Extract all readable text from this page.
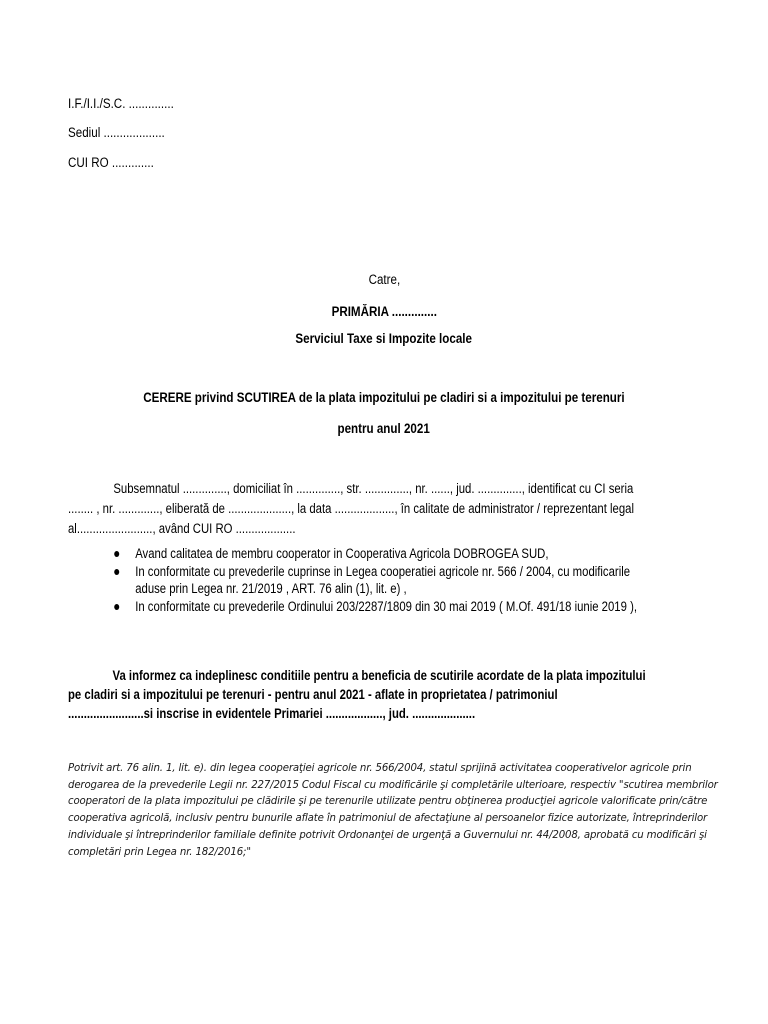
I.F./I.I./S.C. ..............
Sediul ...................
CUI RO .............
Catre,
PRIMĂRIA ..............
Serviciul Taxe si Impozite locale
CERERE privind SCUTIREA de la plata impozitului pe cladiri si a impozitului pe terenuri
pentru anul 2021
Subsemnatul .............., domiciliat în .............., str. .............., nr. ......, jud. .............., identificat cu CI seria
........ , nr. ............., eliberată de ...................., la data ..................., în calitate de administrator / reprezentant legal
al........................, având CUI RO ...................
Avand calitatea de membru cooperator in Cooperativa Agricola DOBROGEA SUD,
In conformitate cu prevederile cuprinse in Legea cooperatiei agricole nr. 566 / 2004, cu modificarile
aduse prin Legea nr. 21/2019 , ART. 76 alin (1), lit. e) ,
In conformitate cu prevederile Ordinului 203/2287/1809 din 30 mai 2019 ( M.Of. 491/18 iunie 2019 ),
Va informez ca indeplinesc conditiile pentru a beneficia de scutirile acordate de la plata impozitului
pe cladiri si a impozitului pe terenuri - pentru anul 2021 - aflate in proprietatea / patrimoniul
........................si inscrise in evidentele Primariei .................., jud. ....................
Potrivit art. 76 alin. 1, lit. e). din legea cooperaţiei agricole nr. 566/2004, statul sprijină activitatea cooperativelor agricole prin
derogarea de la prevederile Legii nr. 227/2015 Codul Fiscal cu modificările şi completările ulterioare, respectiv "scutirea membrilor
cooperatori de la plata impozitului pe clădirile şi pe terenurile utilizate pentru obţinerea producţiei agricole valorificate prin/către
cooperativa agricolă, inclusiv pentru bunurile aflate în patrimoniul de afectaţiune al persoanelor fizice autorizate, întreprinderilor
individuale şi întreprinderilor familiale definite potrivit Ordonanţei de urgenţă a Guvernului nr. 44/2008, aprobată cu modificări şi
completări prin Legea nr. 182/2016;"
